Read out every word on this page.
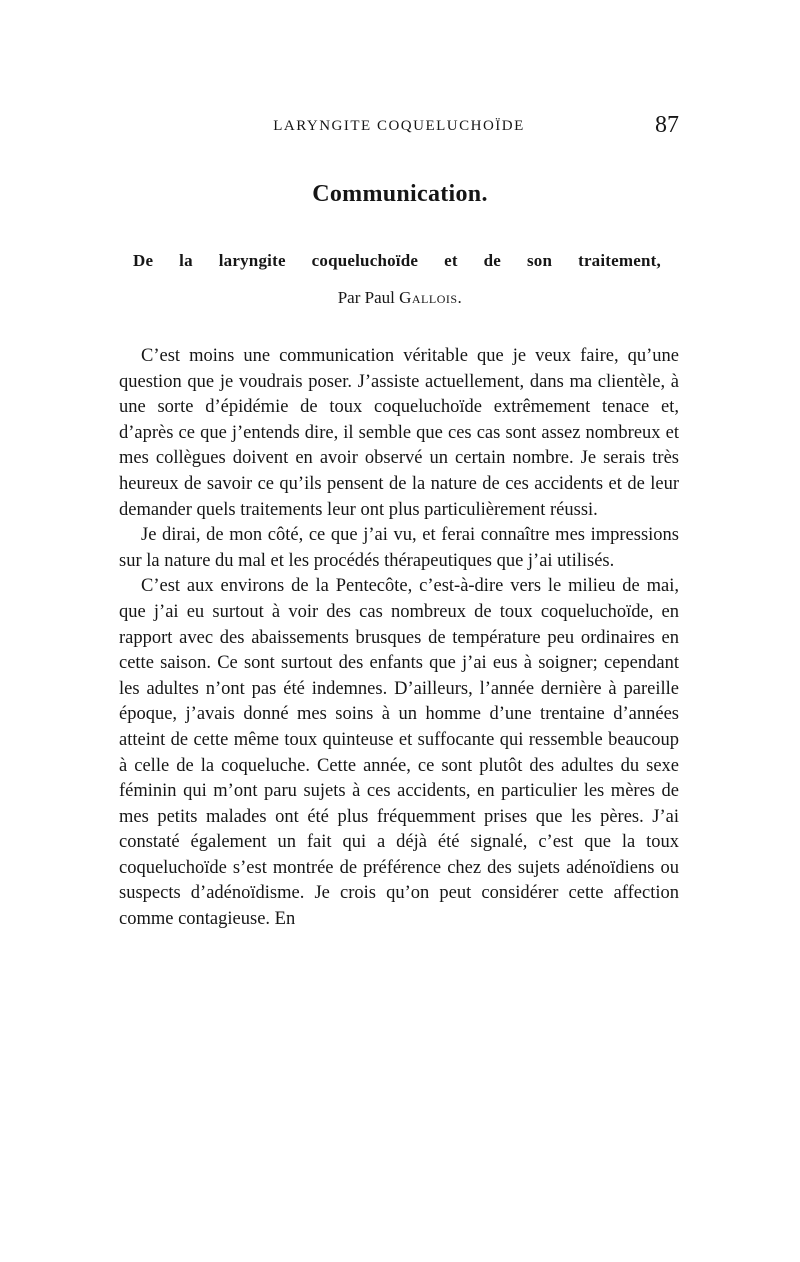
LARYNGITE COQUELUCHOÏDE	87
Communication.
De la laryngite coqueluchoïde et de son traitement,
Par Paul Gallois.

C’est moins une communication véritable que je veux faire, qu’une question que je voudrais poser. J’assiste actuellement, dans ma clientèle, à une sorte d’épidémie de toux coqueluchoïde extrêmement tenace et, d’après ce que j’entends dire, il semble que ces cas sont assez nombreux et mes collègues doivent en avoir observé un certain nombre. Je serais très heureux de savoir ce qu’ils pensent de la nature de ces accidents et de leur demander quels traitements leur ont plus particulièrement réussi.

Je dirai, de mon côté, ce que j’ai vu, et ferai connaître mes impressions sur la nature du mal et les procédés thérapeutiques que j’ai utilisés.

C’est aux environs de la Pentecôte, c’est-à-dire vers le milieu de mai, que j’ai eu surtout à voir des cas nombreux de toux coqueluchoïde, en rapport avec des abaissements brusques de température peu ordinaires en cette saison. Ce sont surtout des enfants que j’ai eus à soigner; cependant les adultes n’ont pas été indemnes. D’ailleurs, l’année dernière à pareille époque, j’avais donné mes soins à un homme d’une trentaine d’années atteint de cette même toux quinteuse et suffocante qui ressemble beaucoup à celle de la coqueluche. Cette année, ce sont plutôt des adultes du sexe féminin qui m’ont paru sujets à ces accidents, en particulier les mères de mes petits malades ont été plus fréquemment prises que les pères. J’ai constaté également un fait qui a déjà été signalé, c’est que la toux coqueluchoïde s’est montrée de préférence chez des sujets adénoïdiens ou suspects d’adénoïdisme. Je crois qu’on peut considérer cette affection comme contagieuse. En
